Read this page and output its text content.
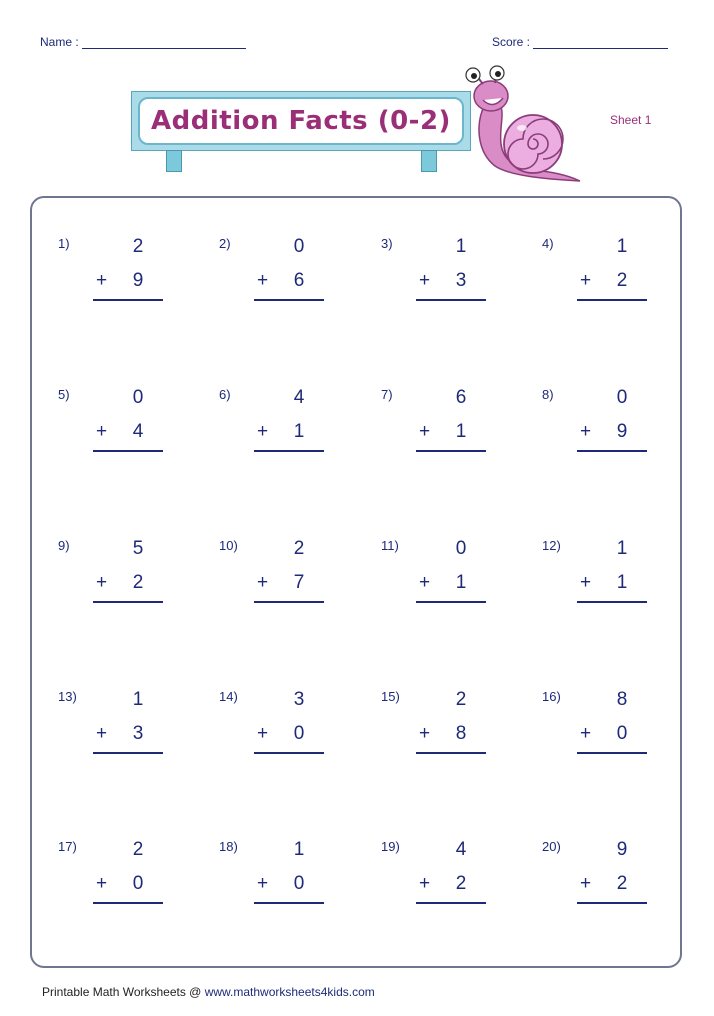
Name :	Score :
Addition Facts (0-2)	Sheet 1
1)	2
+	9
2)	0
+	6
3)	1
+	3
4)	1
+	2
5)	0
+	4
6)	4
+	1
7)	6
+	1
8)	0
+	9
9)	5
+	2
10)	2
+	7
11)	0
+	1
12)	1
+	1
13)	1
+	3
14)	3
+	0
15)	2
+	8
16)	8
+	0
17)	2
+	0
18)	1
+	0
19)	4
+	2
20)	9
+	2
Printable Math Worksheets @ www.mathworksheets4kids.com
